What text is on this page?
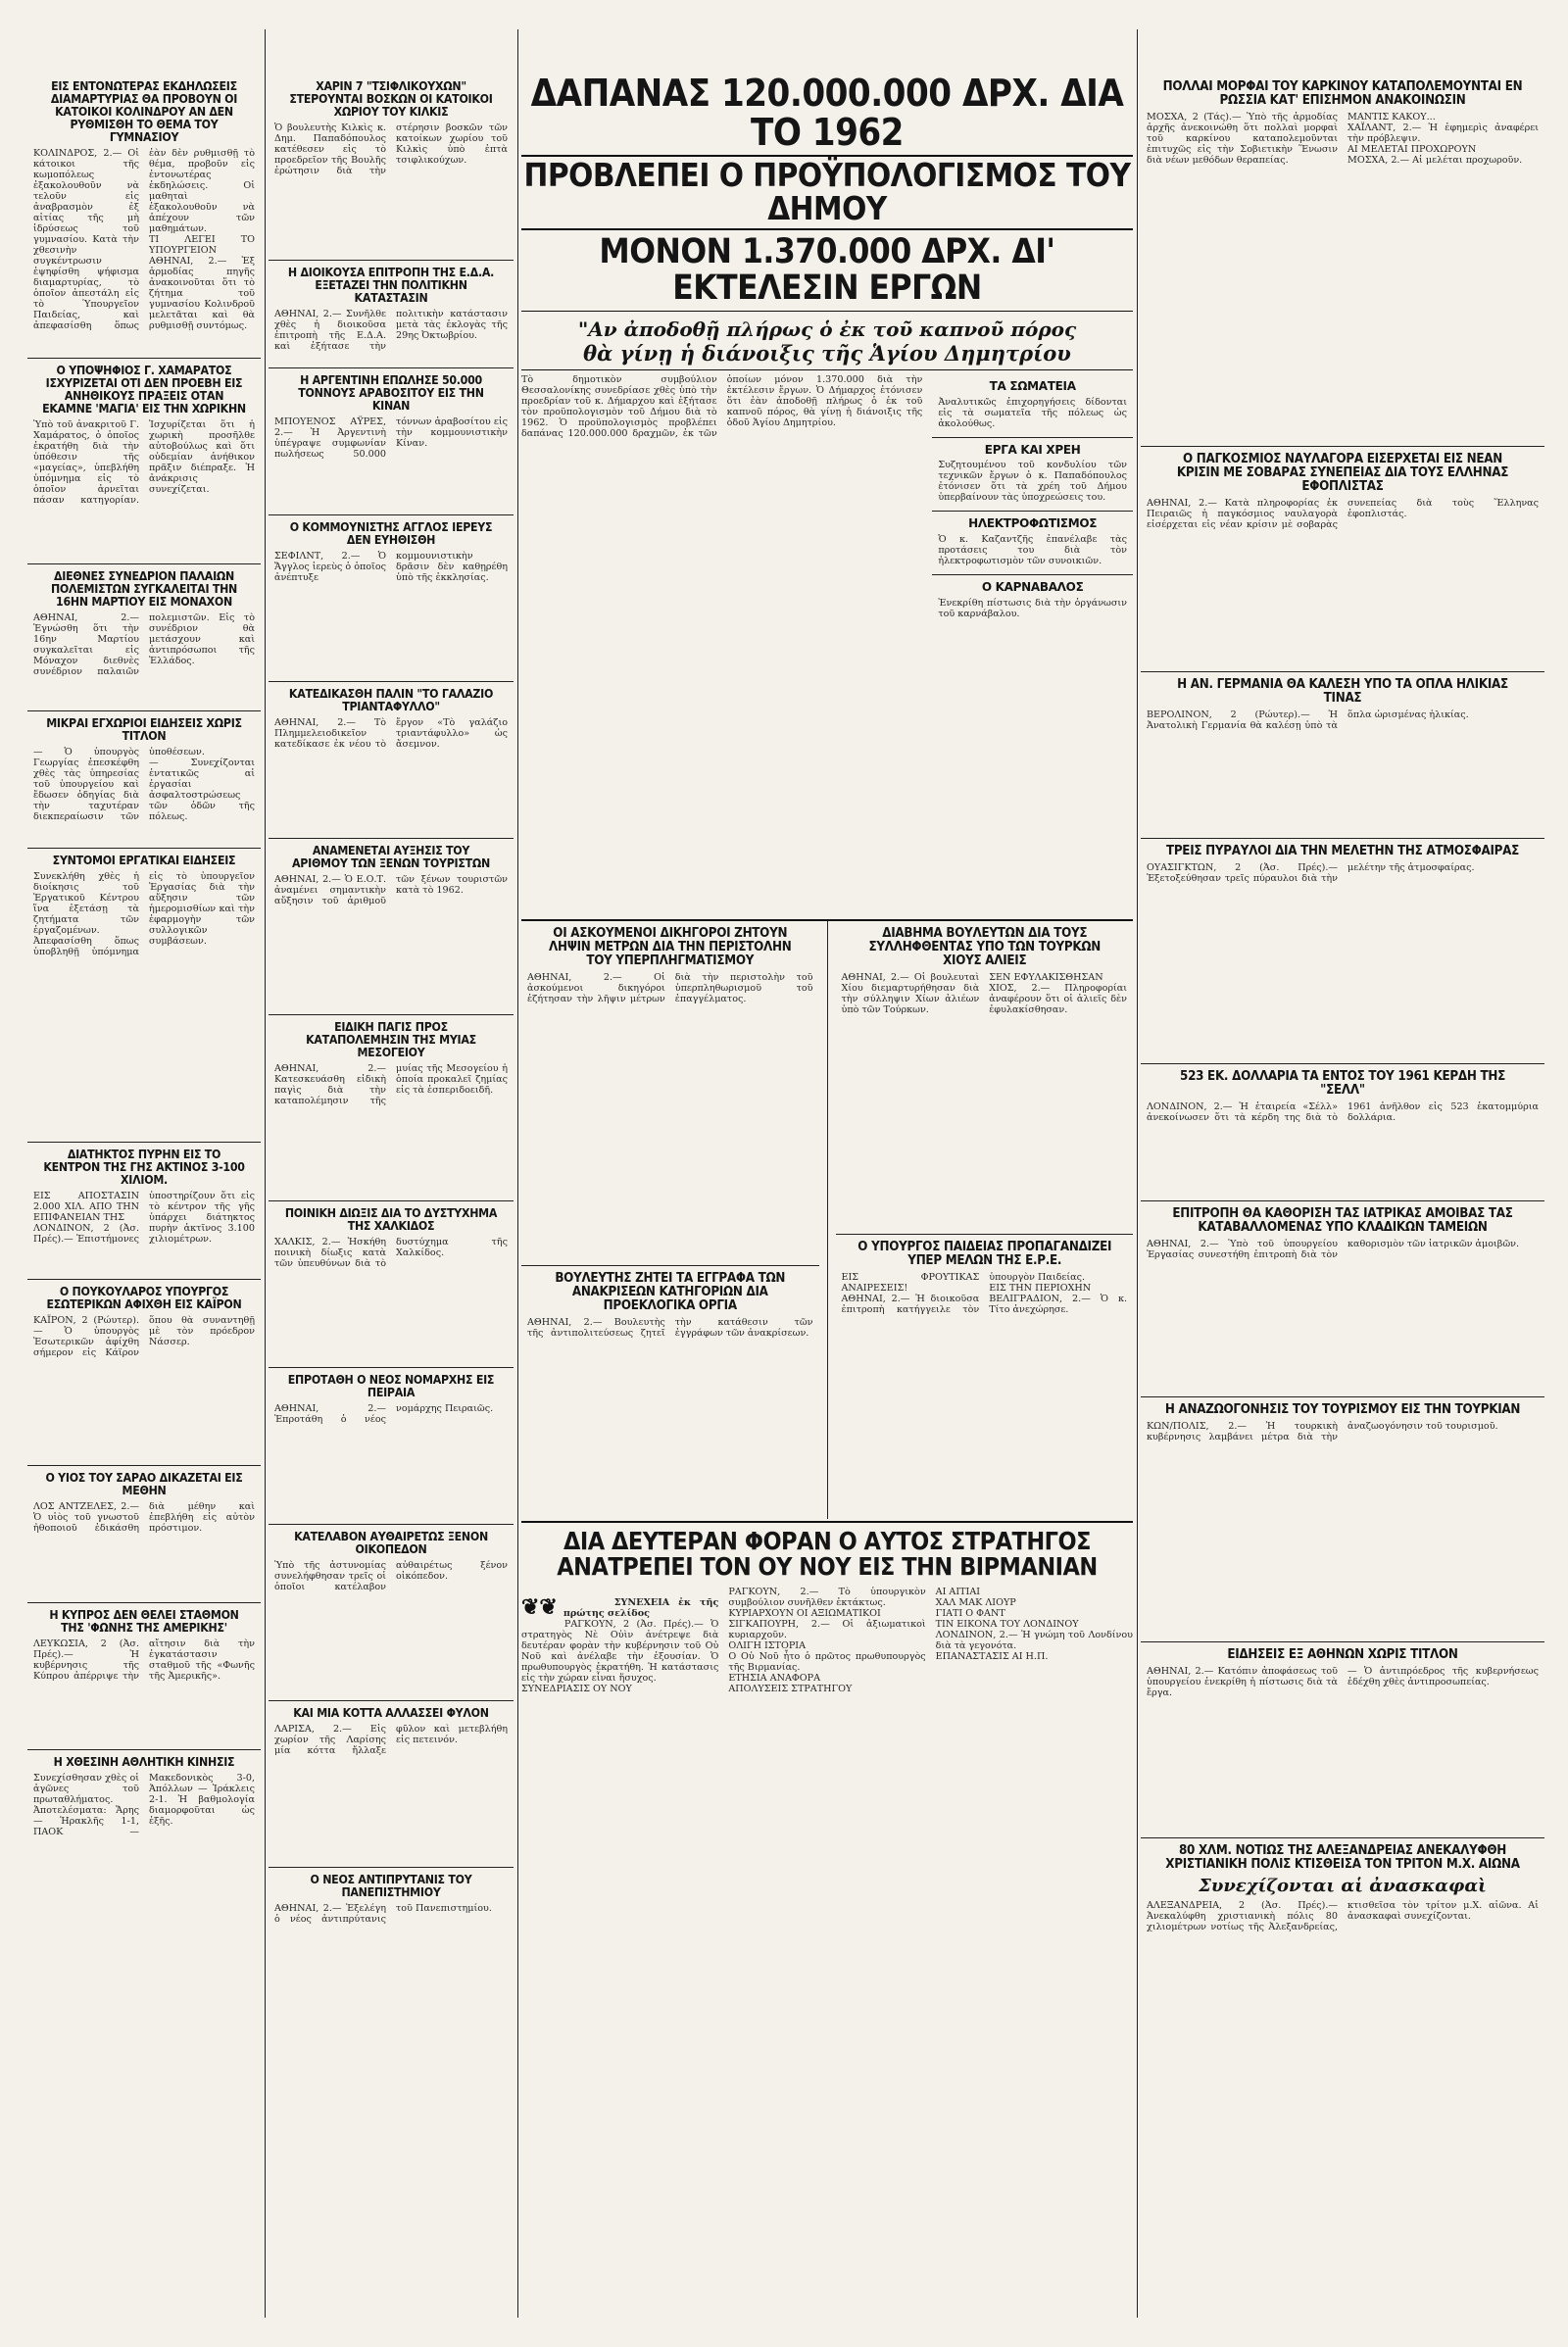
ΕΙΣ ΕΝΤΟΝΩΤΕΡΑΣ ΕΚΔΗΛΩΣΕΙΣ ΔΙΑΜΑΡΤΥΡΙΑΣ ΘΑ ΠΡΟΒΟΥΝ ΟΙ ΚΑΤΟΙΚΟΙ ΚΟΛΙΝΔΡΟΥ ΑΝ ΔΕΝ ΡΥΘΜΙΣΘΗ ΤΟ ΘΕΜΑ ΤΟΥ ΓΥΜΝΑΣΙΟΥ
ΚΟΛΙΝΔΡΟΣ, 2.— Οἱ κάτοικοι τῆς κωμοπόλεως ἐξακολουθοῦν νὰ τελοῦν εἰς ἀναβρασμὸν ἐξ αἰτίας τῆς μὴ ἱδρύσεως τοῦ γυμνασίου. Κατὰ τὴν χθεσινὴν συγκέντρωσιν ἐψηφίσθη ψήφισμα διαμαρτυρίας, τὸ ὁποῖον ἀπεστάλη εἰς τὸ Ὑπουργεῖον Παιδείας, καὶ ἀπεφασίσθη ὅπως ἐὰν δὲν ρυθμισθῇ τὸ θέμα, προβοῦν εἰς ἐντονωτέρας ἐκδηλώσεις. Οἱ μαθηταὶ ἐξακολουθοῦν νὰ ἀπέχουν τῶν μαθημάτων.
ΤΙ ΛΕΓΕΙ ΤΟ ΥΠΟΥΡΓΕΙΟΝ
ΑΘΗΝΑΙ, 2.— Ἐξ ἁρμοδίας πηγῆς ἀνακοινοῦται ὅτι τὸ ζήτημα τοῦ γυμνασίου Κολινδροῦ μελετᾶται καὶ θὰ ρυθμισθῇ συντόμως.
Ο ΥΠΟΨΗΦΙΟΣ Γ. ΧΑΜΑΡΑΤΟΣ ΙΣΧΥΡΙΖΕΤΑΙ ΟΤΙ ΔΕΝ ΠΡΟΕΒΗ ΕΙΣ ΑΝΗΘΙΚΟΥΣ ΠΡΑΞΕΙΣ ΟΤΑΝ ΕΚΑΜΝΕ 'ΜΑΓΙΑ' ΕΙΣ ΤΗΝ ΧΩΡΙΚΗΝ
Ὑπὸ τοῦ ἀνακριτοῦ Γ. Χαμάρατος, ὁ ὁποῖος ἐκρατήθη διὰ τὴν ὑπόθεσιν τῆς «μαγείας», ὑπεβλήθη ὑπόμνημα εἰς τὸ ὁποῖον ἀρνεῖται πάσαν κατηγορίαν. Ἰσχυρίζεται ὅτι ἡ χωρικὴ προσῆλθε αὐτοβούλως καὶ ὅτι οὐδεμίαν ἀνήθικον πρᾶξιν διέπραξε. Ἡ ἀνάκρισις συνεχίζεται.
ΔΙΕΘΝΕΣ ΣΥΝΕΔΡΙΟΝ ΠΑΛΑΙΩΝ ΠΟΛΕΜΙΣΤΩΝ ΣΥΓΚΑΛΕΙΤΑΙ ΤΗΝ 16ΗΝ ΜΑΡΤΙΟΥ ΕΙΣ ΜΟΝΑΧΟΝ
ΑΘΗΝΑΙ, 2.— Ἐγνώσθη ὅτι τὴν 16ην Μαρτίου συγκαλεῖται εἰς Μόναχον διεθνὲς συνέδριον παλαιῶν πολεμιστῶν. Εἰς τὸ συνέδριον θὰ μετάσχουν καὶ ἀντιπρόσωποι τῆς Ἑλλάδος.
ΜΙΚΡΑΙ ΕΓΧΩΡΙΟΙ ΕΙΔΗΣΕΙΣ ΧΩΡΙΣ ΤΙΤΛΟΝ
— Ὁ ὑπουργὸς Γεωργίας ἐπεσκέφθη χθὲς τὰς ὑπηρεσίας τοῦ ὑπουργείου καὶ ἔδωσεν ὁδηγίας διὰ τὴν ταχυτέραν διεκπεραίωσιν τῶν ὑποθέσεων.
— Συνεχίζονται ἐντατικῶς αἱ ἐργασίαι ἀσφαλτοστρώσεως τῶν ὁδῶν τῆς πόλεως.
ΣΥΝΤΟΜΟΙ ΕΡΓΑΤΙΚΑΙ ΕΙΔΗΣΕΙΣ
Συνεκλήθη χθὲς ἡ διοίκησις τοῦ Ἐργατικοῦ Κέντρου ἵνα ἐξετάσῃ τὰ ζητήματα τῶν ἐργαζομένων. Ἀπεφασίσθη ὅπως ὑποβληθῇ ὑπόμνημα εἰς τὸ ὑπουργεῖον Ἐργασίας διὰ τὴν αὔξησιν τῶν ἡμερομισθίων καὶ τὴν ἐφαρμογὴν τῶν συλλογικῶν συμβάσεων.
ΔΙΑΤΗΚΤΟΣ ΠΥΡΗΝ ΕΙΣ ΤΟ ΚΕΝΤΡΟΝ ΤΗΣ ΓΗΣ ΑΚΤΙΝΟΣ 3-100 ΧΙΛΙΟΜ.
ΕΙΣ ΑΠΟΣΤΑΣΙΝ 2.000 ΧΙΛ. ΑΠΟ ΤΗΝ ΕΠΙΦΑΝΕΙΑΝ ΤΗΣ
ΛΟΝΔΙΝΟΝ, 2 (Ἀσ. Πρές).— Ἐπιστήμονες ὑποστηρίζουν ὅτι εἰς τὸ κέντρον τῆς γῆς ὑπάρχει διάτηκτος πυρὴν ἀκτῖνος 3.100 χιλιομέτρων.
Ο ΠΟΥΚΟΥΛΑΡΟΣ ΥΠΟΥΡΓΟΣ ΕΣΩΤΕΡΙΚΩΝ ΑΦΙΧΘΗ ΕΙΣ ΚΑΪΡΟΝ
ΚΑΪΡΟΝ, 2 (Ρώυτερ).— Ὁ ὑπουργὸς Ἐσωτερικῶν ἀφίχθη σήμερον εἰς Κάϊρον ὅπου θὰ συναντηθῇ μὲ τὸν πρόεδρον Νάσσερ.
Ο ΥΙΟΣ ΤΟΥ ΣΑΡΑΟ ΔΙΚΑΖΕΤΑΙ ΕΙΣ ΜΕΘΗΝ
ΛΟΣ ΑΝΤΖΕΛΕΣ, 2.— Ὁ υἱὸς τοῦ γνωστοῦ ἠθοποιοῦ ἐδικάσθη διὰ μέθην καὶ ἐπεβλήθη εἰς αὐτὸν πρόστιμον.
Η ΚΥΠΡΟΣ ΔΕΝ ΘΕΛΕΙ ΣΤΑΘΜΟΝ ΤΗΣ 'ΦΩΝΗΣ ΤΗΣ ΑΜΕΡΙΚΗΣ'
ΛΕΥΚΩΣΙΑ, 2 (Ἀσ. Πρές).— Ἡ κυβέρνησις τῆς Κύπρου ἀπέρριψε τὴν αἴτησιν διὰ τὴν ἐγκατάστασιν σταθμοῦ τῆς «Φωνῆς τῆς Ἀμερικῆς».
Η ΧΘΕΣΙΝΗ ΑΘΛΗΤΙΚΗ ΚΙΝΗΣΙΣ
Συνεχίσθησαν χθὲς οἱ ἀγῶνες τοῦ πρωταθλήματος. Ἀποτελέσματα: Ἄρης — Ἡρακλῆς 1-1, ΠΑΟΚ — Μακεδονικὸς 3-0, Ἀπόλλων — Ἰράκλεις 2-1. Ἡ βαθμολογία διαμορφοῦται ὡς ἑξῆς.
ΧΑΡΙΝ 7 "ΤΣΙΦΛΙΚΟΥΧΩΝ" ΣΤΕΡΟΥΝΤΑΙ ΒΟΣΚΩΝ ΟΙ ΚΑΤΟΙΚΟΙ ΧΩΡΙΟΥ ΤΟΥ ΚΙΛΚΙΣ
Ὁ βουλευτὴς Κιλκὶς κ. Δημ. Παπαδόπουλος κατέθεσεν εἰς τὸ προεδρεῖον τῆς Βουλῆς ἐρώτησιν διὰ τὴν στέρησιν βοσκῶν τῶν κατοίκων χωρίου τοῦ Κιλκὶς ὑπὸ ἑπτὰ τσιφλικούχων.
Η ΔΙΟΙΚΟΥΣΑ ΕΠΙΤΡΟΠΗ ΤΗΣ Ε.Δ.Α. ΕΞΕΤΑΖΕΙ ΤΗΝ ΠΟΛΙΤΙΚΗΝ ΚΑΤΑΣΤΑΣΙΝ
ΑΘΗΝΑΙ, 2.— Συνῆλθε χθὲς ἡ διοικοῦσα ἐπιτροπὴ τῆς Ε.Δ.Α. καὶ ἐξήτασε τὴν πολιτικὴν κατάστασιν μετὰ τὰς ἐκλογὰς τῆς 29ης Ὀκτωβρίου.
Η ΑΡΓΕΝΤΙΝΗ ΕΠΩΛΗΣΕ 50.000 ΤΟΝΝΟΥΣ ΑΡΑΒΟΣΙΤΟΥ ΕΙΣ ΤΗΝ ΚΙΝΑΝ
ΜΠΟΥΕΝΟΣ ΑΫΡΕΣ, 2.— Ἡ Ἀργεντινὴ ὑπέγραψε συμφωνίαν πωλήσεως 50.000 τόννων ἀραβοσίτου εἰς τὴν κομμουνιστικὴν Κίναν.
Ο ΚΟΜΜΟΥΝΙΣΤΗΣ ΑΓΓΛΟΣ ΙΕΡΕΥΣ ΔΕΝ ΕΥΗΘΙΣΘΗ
ΣΕΦΙΛΝΤ, 2.— Ὁ Ἄγγλος ἱερεὺς ὁ ὁποῖος ἀνέπτυξε κομμουνιστικὴν δρᾶσιν δὲν καθῃρέθη ὑπὸ τῆς ἐκκλησίας.
ΚΑΤΕΔΙΚΑΣΘΗ ΠΑΛΙΝ "ΤΟ ΓΑΛΑΖΙΟ ΤΡΙΑΝΤΑΦΥΛΛΟ"
ΑΘΗΝΑΙ, 2.— Τὸ Πλημμελειοδικεῖον κατεδίκασε ἐκ νέου τὸ ἔργον «Τὸ γαλάζιο τριαντάφυλλο» ὡς ἄσεμνον.
ΑΝΑΜΕΝΕΤΑΙ ΑΥΞΗΣΙΣ ΤΟΥ ΑΡΙΘΜΟΥ ΤΩΝ ΞΕΝΩΝ ΤΟΥΡΙΣΤΩΝ
ΑΘΗΝΑΙ, 2.— Ὁ Ε.Ο.Τ. ἀναμένει σημαντικὴν αὔξησιν τοῦ ἀριθμοῦ τῶν ξένων τουριστῶν κατὰ τὸ 1962.
ΕΙΔΙΚΗ ΠΑΓΙΣ ΠΡΟΣ ΚΑΤΑΠΟΛΕΜΗΣΙΝ ΤΗΣ ΜΥΙΑΣ ΜΕΣΟΓΕΙΟΥ
ΑΘΗΝΑΙ, 2.— Κατεσκευάσθη εἰδικὴ παγὶς διὰ τὴν καταπολέμησιν τῆς μυίας τῆς Μεσογείου ἡ ὁποία προκαλεῖ ζημίας εἰς τὰ ἐσπεριδοειδῆ.
ΠΟΙΝΙΚΗ ΔΙΩΞΙΣ ΔΙΑ ΤΟ ΔΥΣΤΥΧΗΜΑ ΤΗΣ ΧΑΛΚΙΔΟΣ
ΧΑΛΚΙΣ, 2.— Ἠσκήθη ποινικὴ δίωξις κατὰ τῶν ὑπευθύνων διὰ τὸ δυστύχημα τῆς Χαλκίδος.
ΕΠΡΟΤΑΘΗ Ο ΝΕΟΣ ΝΟΜΑΡΧΗΣ ΕΙΣ ΠΕΙΡΑΙΑ
ΑΘΗΝΑΙ, 2.— Ἐπροτάθη ὁ νέος νομάρχης Πειραιῶς.
ΚΑΤΕΛΑΒΟΝ ΑΥΘΑΙΡΕΤΩΣ ΞΕΝΟΝ ΟΙΚΟΠΕΔΟΝ
Ὑπὸ τῆς ἀστυνομίας συνελήφθησαν τρεῖς οἱ ὁποῖοι κατέλαβον αὐθαιρέτως ξένον οἰκόπεδον.
ΚΑΙ ΜΙΑ ΚΟΤΤΑ ΑΛΛΑΣΣΕΙ ΦΥΛΟΝ
ΛΑΡΙΣΑ, 2.— Εἰς χωρίον τῆς Λαρίσης μία κόττα ἤλλαξε φῦλον καὶ μετεβλήθη εἰς πετεινόν.
Ο ΝΕΟΣ ΑΝΤΙΠΡΥΤΑΝΙΣ ΤΟΥ ΠΑΝΕΠΙΣΤΗΜΙΟΥ
ΑΘΗΝΑΙ, 2.— Ἐξελέγη ὁ νέος ἀντιπρύτανις τοῦ Πανεπιστημίου.
ΔΑΠΑΝΑΣ 120.000.000 ΔΡΧ. ΔΙΑ ΤΟ 1962
ΠΡΟΒΛΕΠΕΙ Ο ΠΡΟΫΠΟΛΟΓΙΣΜΟΣ ΤΟΥ ΔΗΜΟΥ
ΜΟΝΟΝ 1.370.000 ΔΡΧ. ΔΙ' ΕΚΤΕΛΕΣΙΝ ΕΡΓΩΝ
"Αν ἀποδοθῇ πλήρως ὁ ἐκ τοῦ καπνοῦ πόρος
θὰ γίνῃ ἡ διάνοιξις τῆς Ἁγίου Δημητρίου
Τὸ δημοτικὸν συμβούλιον Θεσσαλονίκης συνεδρίασε χθὲς ὑπὸ τὴν προεδρίαν τοῦ κ. Δήμαρχου καὶ ἐξήτασε τὸν προϋπολογισμὸν τοῦ Δήμου διὰ τὸ 1962. Ὁ προϋπολογισμὸς προβλέπει δαπάνας 120.000.000 δραχμῶν, ἐκ τῶν ὁποίων μόνον 1.370.000 διὰ τὴν ἐκτέλεσιν ἔργων. Ὁ Δήμαρχος ἐτόνισεν ὅτι ἐὰν ἀποδοθῇ πλήρως ὁ ἐκ τοῦ καπνοῦ πόρος, θὰ γίνῃ ἡ διάνοιξις τῆς ὁδοῦ Ἁγίου Δημητρίου.
ΤΑ ΣΩΜΑΤΕΙΑ
Ἀναλυτικῶς ἐπιχορηγήσεις δίδονται εἰς τὰ σωματεῖα τῆς πόλεως ὡς ἀκολούθως.
ΕΡΓΑ ΚΑΙ ΧΡΕΗ
Συζητουμένου τοῦ κονδυλίου τῶν τεχνικῶν ἔργων ὁ κ. Παπαδόπουλος ἐτόνισεν ὅτι τὰ χρέη τοῦ Δήμου ὑπερβαίνουν τὰς ὑποχρεώσεις του.
ΗΛΕΚΤΡΟΦΩΤΙΣΜΟΣ
Ὁ κ. Καζαντζῆς ἐπανέλαβε τὰς προτάσεις του διὰ τὸν ἠλεκτροφωτισμὸν τῶν συνοικιῶν.
Ο ΚΑΡΝΑΒΑΛΟΣ
Ἐνεκρίθη πίστωσις διὰ τὴν ὀργάνωσιν τοῦ καρνάβαλου.
ΟΙ ΑΣΚΟΥΜΕΝΟΙ ΔΙΚΗΓΟΡΟΙ ΖΗΤΟΥΝ ΛΗΨΙΝ ΜΕΤΡΩΝ ΔΙΑ ΤΗΝ ΠΕΡΙΣΤΟΛΗΝ ΤΟΥ ΥΠΕΡΠΛΗΓΜΑΤΙΣΜΟΥ
ΑΘΗΝΑΙ, 2.— Οἱ ἀσκούμενοι δικηγόροι ἐζήτησαν τὴν λῆψιν μέτρων διὰ τὴν περιστολὴν τοῦ ὑπερπληθωρισμοῦ τοῦ ἐπαγγέλματος.
ΒΟΥΛΕΥΤΗΣ ΖΗΤΕΙ ΤΑ ΕΓΓΡΑΦΑ ΤΩΝ ΑΝΑΚΡΙΣΕΩΝ ΚΑΤΗΓΟΡΙΩΝ ΔΙΑ ΠΡΟΕΚΛΟΓΙΚΑ ΟΡΓΙΑ
ΑΘΗΝΑΙ, 2.— Βουλευτὴς τῆς ἀντιπολιτεύσεως ζητεῖ τὴν κατάθεσιν τῶν ἐγγράφων τῶν ἀνακρίσεων.
ΔΙΑΒΗΜΑ ΒΟΥΛΕΥΤΩΝ ΔΙΑ ΤΟΥΣ ΣΥΛΛΗΦΘΕΝΤΑΣ ΥΠΟ ΤΩΝ ΤΟΥΡΚΩΝ ΧΙΟΥΣ ΑΛΙΕΙΣ
ΑΘΗΝΑΙ, 2.— Οἱ βουλευταὶ Χίου διεμαρτυρήθησαν διὰ τὴν σύλληψιν Χίων ἁλιέων ὑπὸ τῶν Τούρκων.
ΣΕΝ ΕΦΥΛΑΚΙΣΘΗΣΑΝ
ΧΙΟΣ, 2.— Πληροφορίαι ἀναφέρουν ὅτι οἱ ἁλιεῖς δὲν ἐφυλακίσθησαν.
Ο ΥΠΟΥΡΓΟΣ ΠΑΙΔΕΙΑΣ ΠΡΟΠΑΓΑΝΔΙΖΕΙ ΥΠΕΡ ΜΕΛΩΝ ΤΗΣ Ε.Ρ.Ε.
ΕΙΣ ΦΡΟΥΤΙΚΑΣ ΑΝΑΙΡΕΣΕΙΣ!
ΑΘΗΝΑΙ, 2.— Ἡ διοικοῦσα ἐπιτροπὴ κατήγγειλε τὸν ὑπουργὸν Παιδείας.
ΕΙΣ ΤΗΝ ΠΕΡΙΟΧΗΝ
ΒΕΛΙΓΡΑΔΙΟΝ, 2.— Ὁ κ. Τίτο ἀνεχώρησε.
ΔΙΑ ΔΕΥΤΕΡΑΝ ΦΟΡΑΝ Ο ΑΥΤΟΣ ΣΤΡΑΤΗΓΟΣ ΑΝΑΤΡΕΠΕΙ ΤΟΝ ΟΥ ΝΟΥ ΕΙΣ ΤΗΝ ΒΙΡΜΑΝΙΑΝ

❦❦	ΣΥΝΕΧΕΙΑ ἐκ τῆς πρώτης σελίδος
ΡΑΓΚΟΥΝ, 2 (Ἀσ. Πρές).— Ὁ στρατηγὸς Νὲ Οὐὶν ἀνέτρεψε διὰ δευτέραν φορὰν τὴν κυβέρνησιν τοῦ Οὐ Νοῦ καὶ ἀνέλαβε τὴν ἐξουσίαν. Ὁ πρωθυπουργὸς ἐκρατήθη. Ἡ κατάστασις εἰς τὴν χώραν εἶναι ἥσυχος.
ΣΥΝΕΔΡΙΑΣΙΣ ΟΥ ΝΟΥ
ΡΑΓΚΟΥΝ, 2.— Τὸ ὑπουργικὸν συμβούλιον συνῆλθεν ἐκτάκτως.
ΚΥΡΙΑΡΧΟΥΝ ΟΙ ΑΞΙΩΜΑΤΙΚΟΙ
ΣΙΓΚΑΠΟΥΡΗ, 2.— Οἱ ἀξιωματικοὶ κυριαρχοῦν.
ΟΛΙΓΗ ΙΣΤΟΡΙΑ
Ο Οὐ Νοῦ ἦτο ὁ πρῶτος πρωθυπουργὸς τῆς Βιρμανίας.
ΕΤΗΣΙΑ ΑΝΑΦΟΡΑ
ΑΠΟΛΥΣΕΙΣ ΣΤΡΑΤΗΓΟΥ
ΑΙ ΑΙΤΙΑΙ
ΧΑΛ ΜΑΚ ΛΙΟΥΡ
ΓΙΑΤΙ Ο ΦΑΝΤ
ΤΙΝ ΕΙΚΟΝΑ ΤΟΥ ΛΟΝΔΙΝΟΥ
ΛΟΝΔΙΝΟΝ, 2.— Ἡ γνώμη τοῦ Λονδίνου διὰ τὰ γεγονότα.
ΕΠΑΝΑΣΤΑΣΙΣ ΑΙ Η.Π.

ΠΟΛΛΑΙ ΜΟΡΦΑΙ ΤΟΥ ΚΑΡΚΙΝΟΥ ΚΑΤΑΠΟΛΕΜΟΥΝΤΑΙ ΕΝ ΡΩΣΣΙΑ ΚΑΤ' ΕΠΙΣΗΜΟΝ ΑΝΑΚΟΙΝΩΣΙΝ
ΜΟΣΧΑ, 2 (Τάς).— Ὑπὸ τῆς ἀρμοδίας ἀρχῆς ἀνεκοινώθη ὅτι πολλαὶ μορφαὶ τοῦ καρκίνου καταπολεμοῦνται ἐπιτυχῶς εἰς τὴν Σοβιετικὴν Ἕνωσιν διὰ νέων μεθόδων θεραπείας.
ΜΑΝΤΙΣ ΚΑΚΟΥ...
ΧΑΪΛΑΝΤ, 2.— Ἡ ἐφημερὶς ἀναφέρει τὴν πρόβλεψιν.
ΑΙ ΜΕΛΕΤΑΙ ΠΡΟΧΩΡΟΥΝ
ΜΟΣΧΑ, 2.— Αἱ μελέται προχωροῦν.
Ο ΠΑΓΚΟΣΜΙΟΣ ΝΑΥΛΑΓΟΡΑ ΕΙΣΕΡΧΕΤΑΙ ΕΙΣ ΝΕΑΝ ΚΡΙΣΙΝ ΜΕ ΣΟΒΑΡΑΣ ΣΥΝΕΠΕΙΑΣ ΔΙΑ ΤΟΥΣ ΕΛΛΗΝΑΣ ΕΦΟΠΛΙΣΤΑΣ
ΑΘΗΝΑΙ, 2.— Κατὰ πληροφορίας ἐκ Πειραιῶς ἡ παγκόσμιος ναυλαγορὰ εἰσέρχεται εἰς νέαν κρίσιν μὲ σοβαρὰς συνεπείας διὰ τοὺς Ἕλληνας ἐφοπλιστάς.
Η ΑΝ. ΓΕΡΜΑΝΙΑ ΘΑ ΚΑΛΕΣΗ ΥΠΟ ΤΑ ΟΠΛΑ ΗΛΙΚΙΑΣ ΤΙΝΑΣ
ΒΕΡΟΛΙΝΟΝ, 2 (Ρώυτερ).— Ἡ Ἀνατολικὴ Γερμανία θὰ καλέσῃ ὑπὸ τὰ ὅπλα ὡρισμένας ἡλικίας.
ΤΡΕΙΣ ΠΥΡΑΥΛΟΙ ΔΙΑ ΤΗΝ ΜΕΛΕΤΗΝ ΤΗΣ ΑΤΜΟΣΦΑΙΡΑΣ
ΟΥΑΣΙΓΚΤΩΝ, 2 (Ἀσ. Πρές).— Ἐξετοξεύθησαν τρεῖς πύραυλοι διὰ τὴν μελέτην τῆς ἀτμοσφαίρας.
523 ΕΚ. ΔΟΛΛΑΡΙΑ ΤΑ ΕΝΤΟΣ ΤΟΥ 1961 ΚΕΡΔΗ ΤΗΣ "ΣΕΛΛ"
ΛΟΝΔΙΝΟΝ, 2.— Ἡ ἑταιρεία «Σέλλ» ἀνεκοίνωσεν ὅτι τὰ κέρδη της διὰ τὸ 1961 ἀνῆλθον εἰς 523 ἑκατομμύρια δολλάρια.
ΕΠΙΤΡΟΠΗ ΘΑ ΚΑΘΟΡΙΣΗ ΤΑΣ ΙΑΤΡΙΚΑΣ ΑΜΟΙΒΑΣ ΤΑΣ ΚΑΤΑΒΑΛΛΟΜΕΝΑΣ ΥΠΟ ΚΛΑΔΙΚΩΝ ΤΑΜΕΙΩΝ
ΑΘΗΝΑΙ, 2.— Ὑπὸ τοῦ ὑπουργείου Ἐργασίας συνεστήθη ἐπιτροπὴ διὰ τὸν καθορισμὸν τῶν ἰατρικῶν ἀμοιβῶν.
Η ΑΝΑΖΩΟΓΟΝΗΣΙΣ ΤΟΥ ΤΟΥΡΙΣΜΟΥ ΕΙΣ ΤΗΝ ΤΟΥΡΚΙΑΝ
ΚΩΝ/ΠΟΛΙΣ, 2.— Ἡ τουρκικὴ κυβέρνησις λαμβάνει μέτρα διὰ τὴν ἀναζωογόνησιν τοῦ τουρισμοῦ.
ΕΙΔΗΣΕΙΣ ΕΞ ΑΘΗΝΩΝ ΧΩΡΙΣ ΤΙΤΛΟΝ
ΑΘΗΝΑΙ, 2.— Κατόπιν ἀποφάσεως τοῦ ὑπουργείου ἐνεκρίθη ἡ πίστωσις διὰ τὰ ἔργα.
— Ὁ ἀντιπρόεδρος τῆς κυβερνήσεως ἐδέχθη χθὲς ἀντιπροσωπείας.
80 ΧΛΜ. ΝΟΤΙΩΣ ΤΗΣ ΑΛΕΞΑΝΔΡΕΙΑΣ ΑΝΕΚΑΛΥΦΘΗ ΧΡΙΣΤΙΑΝΙΚΗ ΠΟΛΙΣ ΚΤΙΣΘΕΙΣΑ ΤΟΝ ΤΡΙΤΟΝ Μ.Χ. ΑΙΩΝΑ
Συνεχίζονται αἱ ἀνασκαφαὶ
ΑΛΕΞΑΝΔΡΕΙΑ, 2 (Ἀσ. Πρές).— Ἀνεκαλύφθη χριστιανικὴ πόλις 80 χιλιομέτρων νοτίως τῆς Ἀλεξανδρείας, κτισθεῖσα τὸν τρίτον μ.Χ. αἰῶνα. Αἱ ἀνασκαφαὶ συνεχίζονται.
